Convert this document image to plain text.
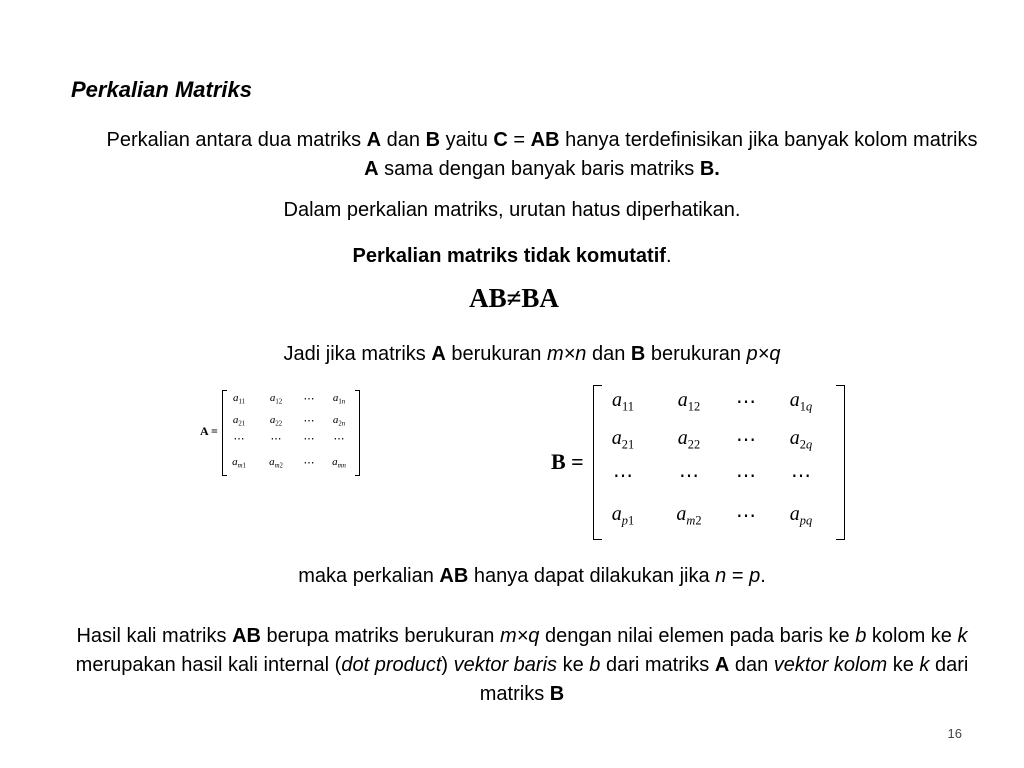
Perkalian Matriks
Perkalian antara dua matriks A dan B yaitu C = AB hanya terdefinisikan jika banyak kolom matriks A sama dengan banyak baris matriks B.
Dalam perkalian matriks, urutan hatus diperhatikan.
Perkalian matriks tidak komutatif.
AB≠BA
Jadi jika matriks A berukuran m×n dan B berukuran p×q
A =
$a_{11}$	$a_{12}$	⋯	$a_{1n}$
$a_{21}$	$a_{22}$	⋯	$a_{2n}$
⋯	⋯	⋯	⋯
$a_{m1}$	$a_{m2}$	⋯	$a_{mn}$	B =
$a_{11}$	$a_{12}$	⋯	$a_{1q}$
$a_{21}$	$a_{22}$	⋯	$a_{2q}$
⋯	⋯	⋯	⋯
$a_{p1}$	$a_{m2}$	⋯	$a_{pq}$
maka perkalian AB hanya dapat dilakukan jika n = p.
Hasil kali matriks AB berupa matriks berukuran m×q dengan nilai elemen pada baris ke b kolom ke k merupakan hasil kali internal (dot product) vektor baris ke b dari matriks A dan vektor kolom ke k dari matriks B
16
